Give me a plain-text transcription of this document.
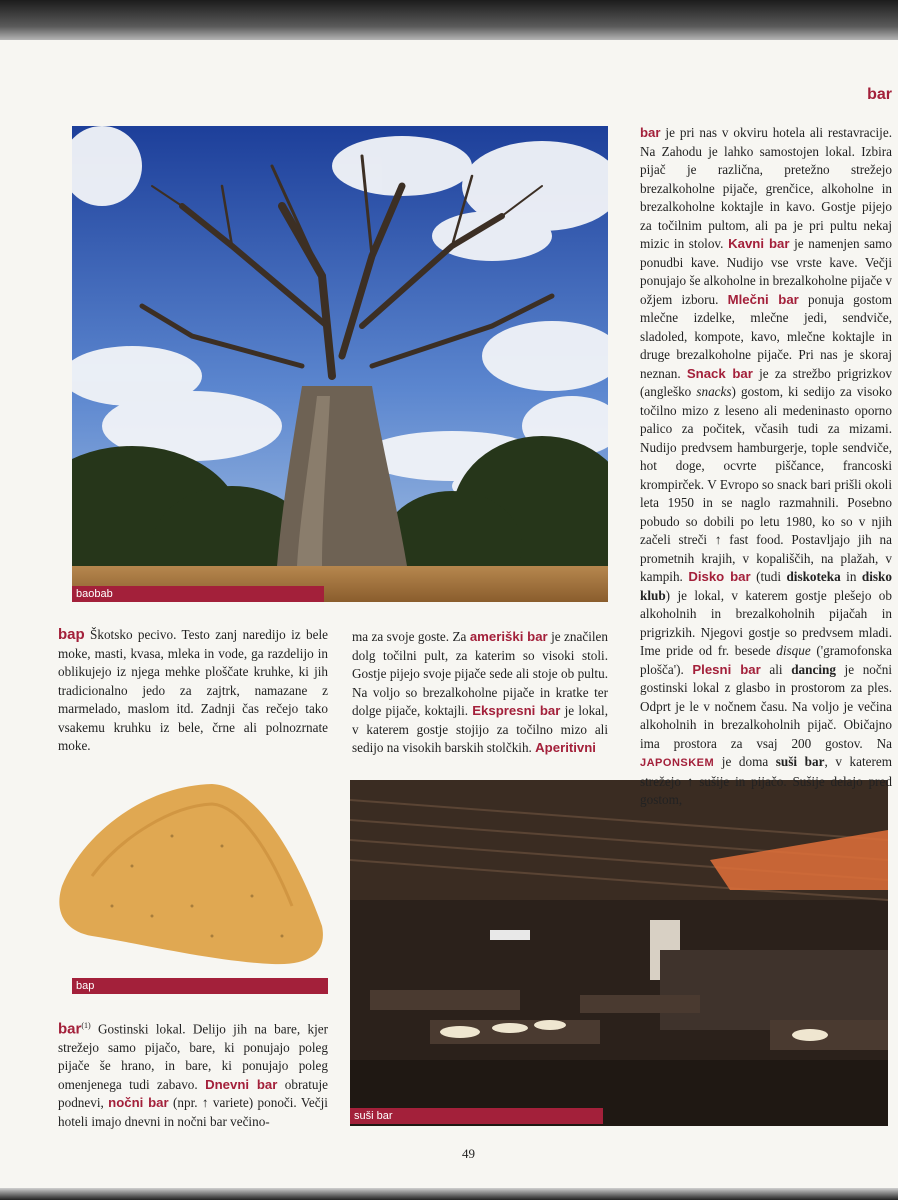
bar
baobab
bap
suši bar

bap Škotsko pecivo. Testo zanj naredijo iz bele moke, masti, kvasa, mleka in vode, ga razdelijo in oblikujejo iz njega mehke ploščate kruhke, ki jih tradicionalno jedo za zajtrk, namazane z marmelado, maslom itd. Zadnji čas rečejo tako vsakemu kruhku iz bele, črne ali polnozrnate moke.

bar$^{(1)}$ Gostinski lokal. Delijo jih na bare, kjer strežejo samo pijačo, bare, ki ponujajo poleg pijače še hrano, in bare, ki ponujajo poleg omenjenega tudi zabavo. Dnevni bar obratuje podnevi, nočni bar (npr. ↑ variete) ponoči. Večji hoteli imajo dnevni in nočni bar večino-

ma za svoje goste. Za ameriški bar je značilen dolg točilni pult, za katerim so visoki stoli. Gostje pijejo svoje pijače sede ali stoje ob pultu. Na voljo so brezalkoholne pijače in kratke ter dolge pijače, koktajli. Ekspresni bar je lokal, v katerem gostje stojijo za točilno mizo ali sedijo na visokih barskih stolčkih. Aperitivni

bar je pri nas v okviru hotela ali restavracije. Na Zahodu je lahko samostojen lokal. Izbira pijač je različna, pretežno strežejo brezalkoholne pijače, grenčice, alkoholne in brezalkoholne koktajle in kavo. Gostje pijejo za točilnim pultom, ali pa je pri pultu nekaj mizic in stolov. Kavni bar je namenjen samo ponudbi kave. Nudijo vse vrste kave. Večji ponujajo še alkoholne in brezalkoholne pijače v ožjem izboru. Mlečni bar ponuja gostom mlečne izdelke, mlečne jedi, sendviče, sladoled, kompote, kavo, mlečne koktajle in druge brezalkoholne pijače. Pri nas je skoraj neznan. Snack bar je za strežbo prigrizkov (angleško snacks) gostom, ki sedijo za visoko točilno mizo z leseno ali medeninasto oporno palico za počitek, včasih tudi za mizami. Nudijo predvsem hamburgerje, tople sendviče, hot doge, ocvrte piščance, francoski krompirček. V Evropo so snack bari prišli okoli leta 1950 in se naglo razmahnili. Posebno pobudo so dobili po letu 1980, ko so v njih začeli streči ↑ fast food. Postavljajo jih na prometnih krajih, v kopališčih, na plažah, v kampih. Disko bar (tudi diskoteka in disko klub) je lokal, v katerem gostje plešejo ob alkoholnih in brezalkoholnih pijačah in prigrizkih. Njegovi gostje so predvsem mladi. Ime pride od fr. besede disque ('gramofonska plošča'). Plesni bar ali dancing je nočni gostinski lokal z glasbo in prostorom za ples. Odprt je le v nočnem času. Na voljo je večina alkoholnih in brezalkoholnih pijač. Običajno ima prostora za vsaj 200 gostov. Na JAPONSKEM je doma suši bar, v katerem strežejo ↑ sušije in pijačo. Sušije delajo pred gostom,

49
